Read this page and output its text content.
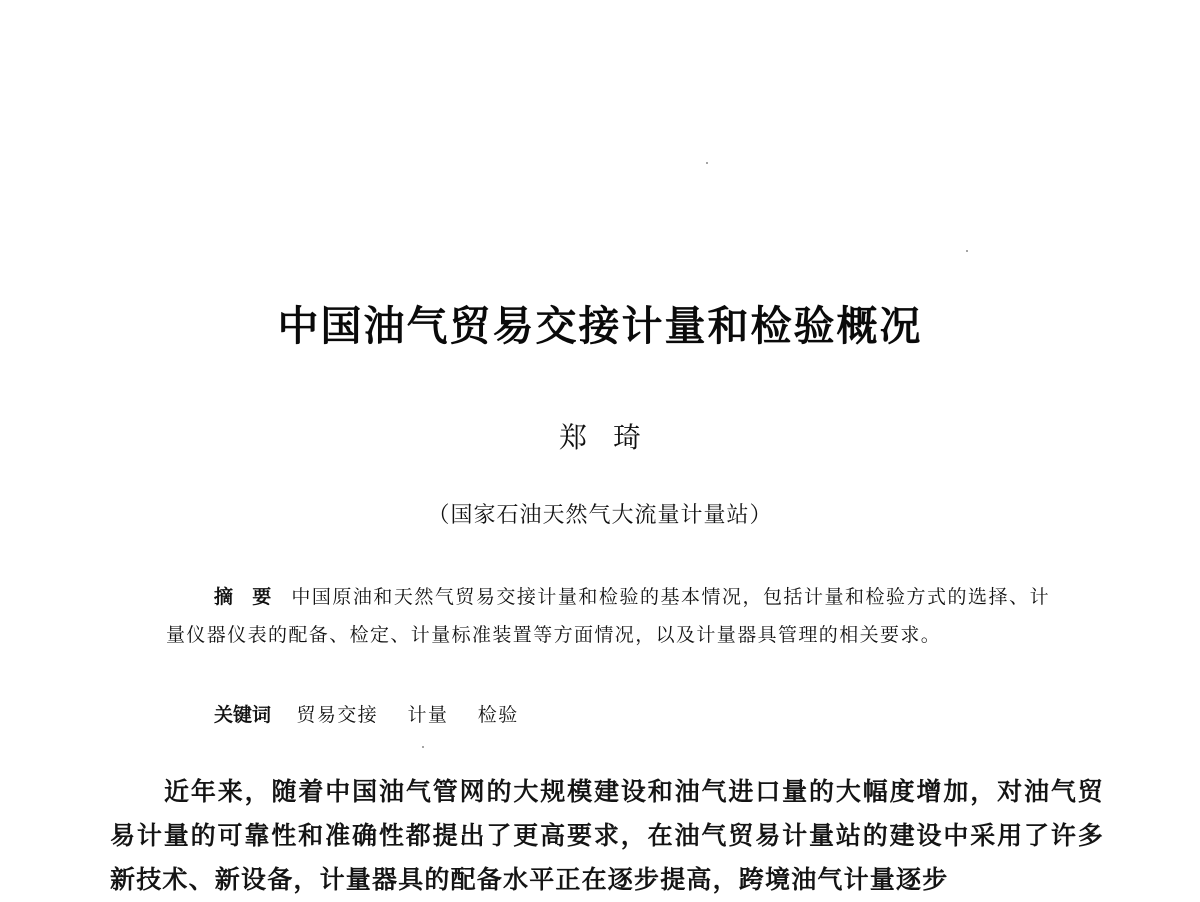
中国油气贸易交接计量和检验概况
郑琦
（国家石油天然气大流量计量站）
摘　要 中国原油和天然气贸易交接计量和检验的基本情况，包括计量和检验方式的选择、计量仪器仪表的配备、检定、计量标准装置等方面情况，以及计量器具管理的相关要求。
关键词 贸易交接 计量 检验
近年来，随着中国油气管网的大规模建设和油气进口量的大幅度增加，对油气贸易计量的可靠性和准确性都提出了更高要求，在油气贸易计量站的建设中采用了许多新技术、新设备，计量器具的配备水平正在逐步提高，跨境油气计量逐步
